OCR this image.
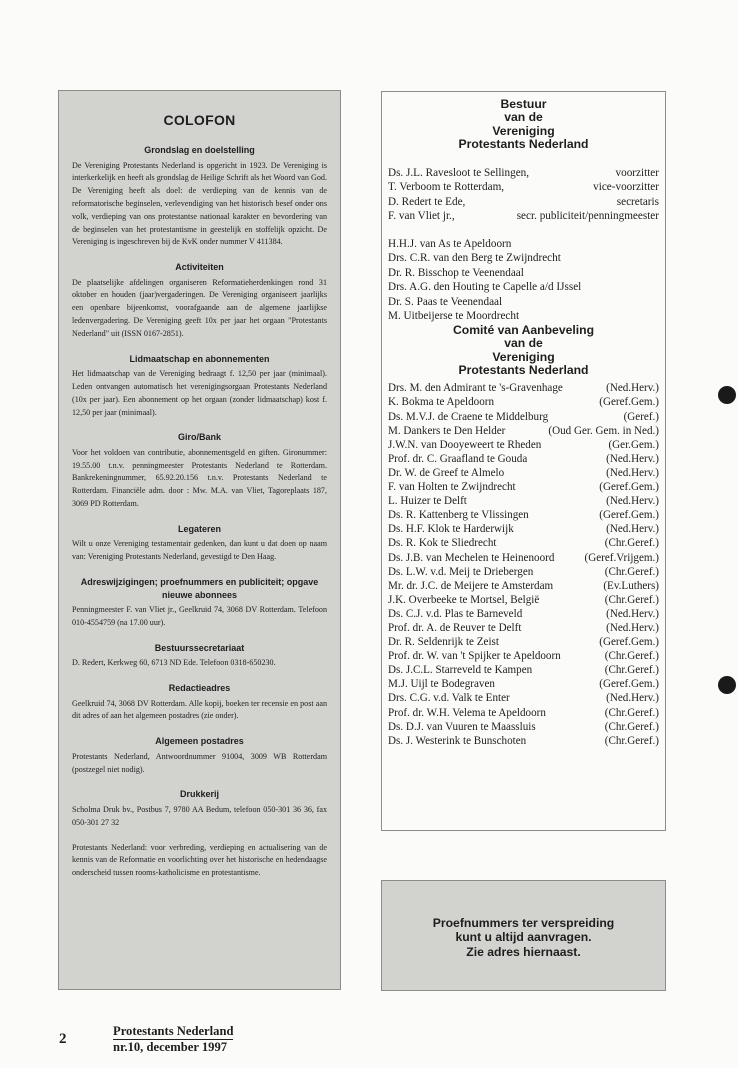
COLOFON
Grondslag en doelstelling

De Vereniging Protestants Nederland is opgericht in 1923. De Vereniging is interkerkelijk en heeft als grondslag de Heilige Schrift als het Woord van God. De Vereniging heeft als doel: de verdieping van de kennis van de reformatorische beginselen, verlevendiging van het historisch besef onder ons volk, verdieping van ons protestantse nationaal karakter en bevordering van de beginselen van het protestantisme in geestelijk en stoffelijk opzicht. De Vereniging is ingeschreven bij de KvK onder nummer V 411384.

Activiteiten

De plaatselijke afdelingen organiseren Reformatieherdenkingen rond 31 oktober en houden (jaar)vergaderingen. De Vereniging organiseert jaarlijks een openbare bijeenkomst, voorafgaande aan de algemene jaarlijkse ledenvergadering. De Vereniging geeft 10x per jaar het orgaan "Protestants Nederland" uit (ISSN 0167-2851).

Lidmaatschap en abonnementen

Het lidmaatschap van de Vereniging bedraagt f. 12,50 per jaar (minimaal). Leden ontvangen automatisch het verenigingsorgaan Protestants Nederland (10x per jaar). Een abonnement op het orgaan (zonder lidmaatschap) kost f. 12,50 per jaar (minimaal).

Giro/Bank

Voor het voldoen van contributie, abonnementsgeld en giften. Gironummer: 19.55.00 t.n.v. penningmeester Protestants Nederland te Rotterdam. Bankrekeningnummer, 65.92.20.156 t.n.v. Protestants Nederland te Rotterdam. Financiële adm. door : Mw. M.A. van Vliet, Tagoreplaats 187, 3069 PD Rotterdam.

Legateren

Wilt u onze Vereniging testamentair gedenken, dan kunt u dat doen op naam van: Vereniging Protestants Nederland, gevestigd te Den Haag.

Adreswijzigingen; proefnummers en publiciteit; opgave nieuwe abonnees

Penningmeester F. van Vliet jr., Geelkruid 74, 3068 DV Rotterdam. Telefoon 010-4554759 (na 17.00 uur).

Bestuurssecretariaat

D. Redert, Kerkweg 60, 6713 ND Ede. Telefoon 0318-650230.

Redactieadres

Geelkruid 74, 3068 DV Rotterdam. Alle kopij, boeken ter recensie en post aan dit adres of aan het algemeen postadres (zie onder).

Algemeen postadres

Protestants Nederland, Antwoordnummer 91004, 3009 WB Rotterdam (postzegel niet nodig).

Drukkerij

Scholma Druk bv., Postbus 7, 9780 AA Bedum, telefoon 050-301 36 36, fax 050-301 27 32

Protestants Nederland: voor verbreding, verdieping en actualisering van de kennis van de Reformatie en voorlichting over het historische en hedendaagse onderscheid tussen rooms-katholicisme en protestantisme.

Bestuur
van de
Vereniging
Protestants Nederland
Ds. J.L. Ravesloot te Sellingen,	voorzitter
T. Verboom te Rotterdam,	vice-voorzitter
D. Redert te Ede,	secretaris
F. van Vliet jr.,	secr. publiciteit/penningmeester
H.H.J. van As te Apeldoorn
Drs. C.R. van den Berg te Zwijndrecht
Dr. R. Bisschop te Veenendaal
Drs. A.G. den Houting te Capelle a/d IJssel
Dr. S. Paas te Veenendaal
M. Uitbeijerse te Moordrecht
Comité van Aanbeveling
van de
Vereniging
Protestants Nederland
Drs. M. den Admirant te 's-Gravenhage	(Ned.Herv.)
K. Bokma te Apeldoorn	(Geref.Gem.)
Ds. M.V.J. de Craene te Middelburg	(Geref.)
M. Dankers te Den Helder	(Oud Ger. Gem. in Ned.)
J.W.N. van Dooyeweert te Rheden	(Ger.Gem.)
Prof. dr. C. Graafland te Gouda	(Ned.Herv.)
Dr. W. de Greef te Almelo	(Ned.Herv.)
F. van Holten te Zwijndrecht	(Geref.Gem.)
L. Huizer te Delft	(Ned.Herv.)
Ds. R. Kattenberg te Vlissingen	(Geref.Gem.)
Ds. H.F. Klok te Harderwijk	(Ned.Herv.)
Ds. R. Kok te Sliedrecht	(Chr.Geref.)
Ds. J.B. van Mechelen te Heinenoord	(Geref.Vrijgem.)
Ds. L.W. v.d. Meij te Driebergen	(Chr.Geref.)
Mr. dr. J.C. de Meijere te Amsterdam	(Ev.Luthers)
J.K. Overbeeke te Mortsel, België	(Chr.Geref.)
Ds. C.J. v.d. Plas te Barneveld	(Ned.Herv.)
Prof. dr. A. de Reuver te Delft	(Ned.Herv.)
Dr. R. Seldenrijk te Zeist	(Geref.Gem.)
Prof. dr. W. van 't Spijker te Apeldoorn	(Chr.Geref.)
Ds. J.C.L. Starreveld te Kampen	(Chr.Geref.)
M.J. Uijl te Bodegraven	(Geref.Gem.)
Drs. C.G. v.d. Valk te Enter	(Ned.Herv.)
Prof. dr. W.H. Velema te Apeldoorn	(Chr.Geref.)
Ds. D.J. van Vuuren te Maassluis	(Chr.Geref.)
Ds. J. Westerink te Bunschoten	(Chr.Geref.)
Proefnummers ter verspreiding
kunt u altijd aanvragen.
Zie adres hiernaast.
2	Protestants Nederland
nr.10, december 1997
